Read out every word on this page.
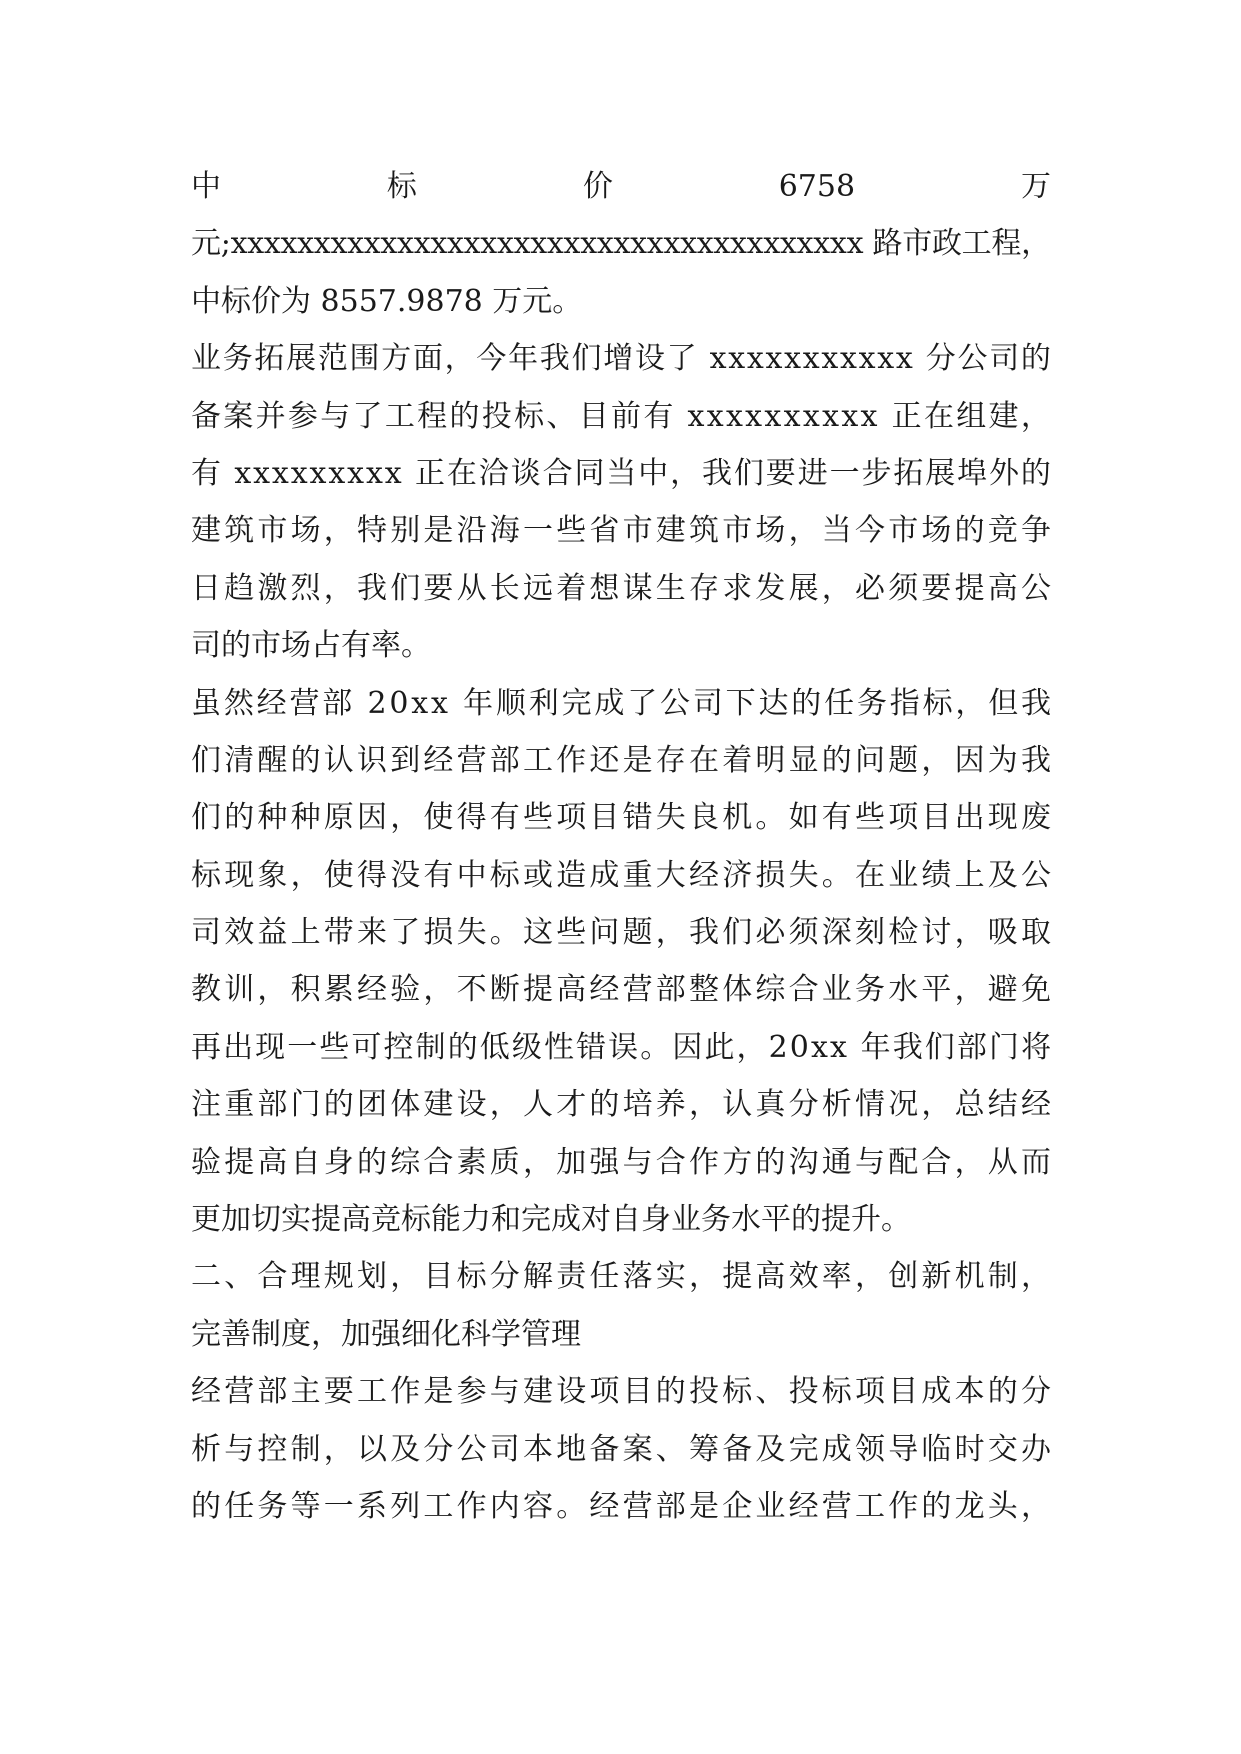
中	标	价	6758	万
元;xxxxxxxxxxxxxxxxxxxxxxxxxxxxxxxxxxxxxx 路市政工程，
中标价为 8557.9878 万元。
业务拓展范围方面，今年我们增设了 xxxxxxxxxxx 分公司的
备案并参与了工程的投标、目前有 xxxxxxxxxx 正在组建，
有 xxxxxxxxx 正在洽谈合同当中，我们要进一步拓展埠外的
建筑市场，特别是沿海一些省市建筑市场，当今市场的竞争
日趋激烈，我们要从长远着想谋生存求发展，必须要提高公
司的市场占有率。
虽然经营部 20xx 年顺利完成了公司下达的任务指标，但我
们清醒的认识到经营部工作还是存在着明显的问题，因为我
们的种种原因，使得有些项目错失良机。如有些项目出现废
标现象，使得没有中标或造成重大经济损失。在业绩上及公
司效益上带来了损失。这些问题，我们必须深刻检讨，吸取
教训，积累经验，不断提高经营部整体综合业务水平，避免
再出现一些可控制的低级性错误。因此，20xx 年我们部门将
注重部门的团体建设，人才的培养，认真分析情况，总结经
验提高自身的综合素质，加强与合作方的沟通与配合，从而
更加切实提高竞标能力和完成对自身业务水平的提升。
二、合理规划，目标分解责任落实，提高效率，创新机制，
完善制度，加强细化科学管理
经营部主要工作是参与建设项目的投标、投标项目成本的分
析与控制，以及分公司本地备案、筹备及完成领导临时交办
的任务等一系列工作内容。经营部是企业经营工作的龙头，
